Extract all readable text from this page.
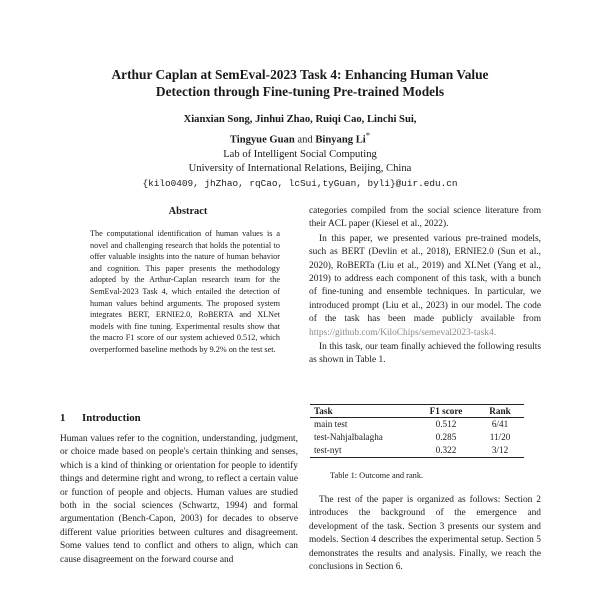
Arthur Caplan at SemEval-2023 Task 4: Enhancing Human Value
Detection through Fine-tuning Pre-trained Models
Xianxian Song, Jinhui Zhao, Ruiqi Cao, Linchi Sui,
Tingyue Guan and Binyang Li*
Lab of Intelligent Social Computing
University of International Relations, Beijing, China
{kilo0409, jhZhao, rqCao, lcSui,tyGuan, byli}@uir.edu.cn
Abstract
The computational identification of human values is a novel and challenging research that holds the potential to offer valuable insights into the nature of human behavior and cognition. This paper presents the methodology adopted by the Arthur-Caplan research team for the SemEval-2023 Task 4, which entailed the detection of human values behind arguments. The proposed system integrates BERT, ERNIE2.0, RoBERTA and XLNet models with fine tuning. Experimental results show that the macro F1 score of our system achieved 0.512, which overperformed baseline methods by 9.2% on the test set.
1 Introduction
Human values refer to the cognition, understanding, judgment, or choice made based on people's certain thinking and senses, which is a kind of thinking or orientation for people to identify things and determine right and wrong, to reflect a certain value or function of people and objects. Human values are studied both in the social sciences (Schwartz, 1994) and formal argumentation (Bench-Capon, 2003) for decades to observe different value priorities between cultures and disagreement. Some values tend to conflict and others to align, which can cause disagreement on the forward course and
categories compiled from the social science literature from their ACL paper (Kiesel et al., 2022).
In this paper, we presented various pre-trained models, such as BERT (Devlin et al., 2018), ERNIE2.0 (Sun et al., 2020), RoBERTa (Liu et al., 2019) and XLNet (Yang et al., 2019) to address each component of this task, with a bunch of fine-tuning and ensemble techniques. In particular, we introduced prompt (Liu et al., 2023) in our model. The code of the task has been made publicly available from https://github.com/KiloChips/semeval2023-task4.
In this task, our team finally achieved the following results as shown in Table 1.
Task	F1 score	Rank
main test	0.512	6/41
test-Nahjalbalagha	0.285	11/20
test-nyt	0.322	3/12
Table 1: Outcome and rank.
The rest of the paper is organized as follows: Section 2 introduces the background of the emergence and development of the task. Section 3 presents our system and models. Section 4 describes the experimental setup. Section 5 demonstrates the results and analysis. Finally, we reach the conclusions in Section 6.
